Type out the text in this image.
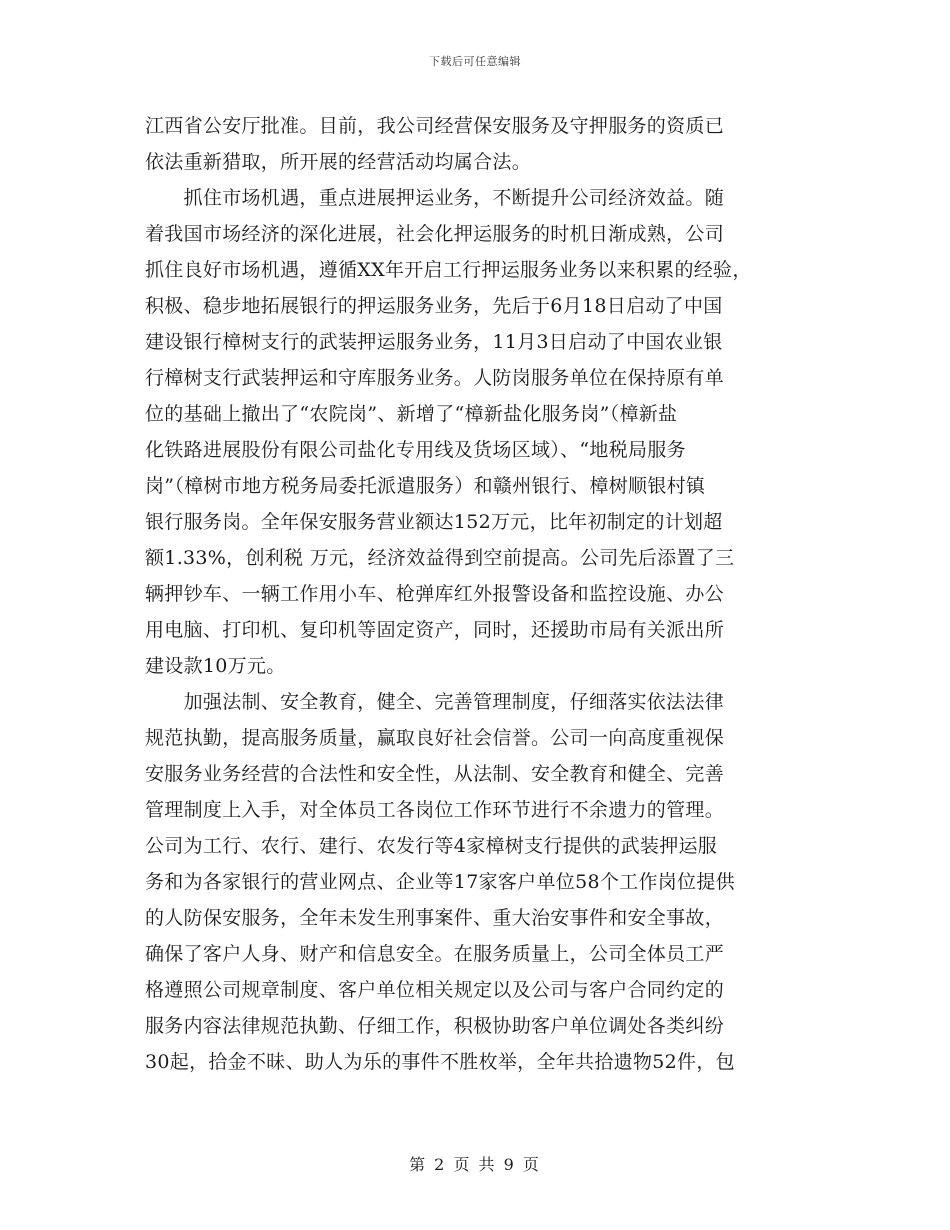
下载后可任意编辑
江西省公安厅批准。目前，我公司经营保安服务及守押服务的资质已
依法重新猎取，所开展的经营活动均属合法。
　　抓住市场机遇，重点进展押运业务，不断提升公司经济效益。随
着我国市场经济的深化进展，社会化押运服务的时机日渐成熟，公司
抓住良好市场机遇，遵循XX年开启工行押运服务业务以来积累的经验，
积极、稳步地拓展银行的押运服务业务，先后于6月18日启动了中国
建设银行樟树支行的武装押运服务业务，11月3日启动了中国农业银
行樟树支行武装押运和守库服务业务。人防岗服务单位在保持原有单
位的基础上撤出了“农院岗”、新增了“樟新盐化服务岗”（樟新盐
化铁路进展股份有限公司盐化专用线及货场区域）、“地税局服务
岗”（樟树市地方税务局委托派遣服务）和赣州银行、樟树顺银村镇
银行服务岗。全年保安服务营业额达152万元，比年初制定的计划超
额1.33%，创利税 万元，经济效益得到空前提高。公司先后添置了三
辆押钞车、一辆工作用小车、枪弹库红外报警设备和监控设施、办公
用电脑、打印机、复印机等固定资产，同时，还援助市局有关派出所
建设款10万元。
　　加强法制、安全教育，健全、完善管理制度，仔细落实依法法律
规范执勤，提高服务质量，赢取良好社会信誉。公司一向高度重视保
安服务业务经营的合法性和安全性，从法制、安全教育和健全、完善
管理制度上入手，对全体员工各岗位工作环节进行不余遗力的管理。
公司为工行、农行、建行、农发行等4家樟树支行提供的武装押运服
务和为各家银行的营业网点、企业等17家客户单位58个工作岗位提供
的人防保安服务，全年未发生刑事案件、重大治安事件和安全事故，
确保了客户人身、财产和信息安全。在服务质量上，公司全体员工严
格遵照公司规章制度、客户单位相关规定以及公司与客户合同约定的
服务内容法律规范执勤、仔细工作，积极协助客户单位调处各类纠纷
30起，拾金不昧、助人为乐的事件不胜枚举，全年共拾遗物52件，包
第 2 页 共 9 页
